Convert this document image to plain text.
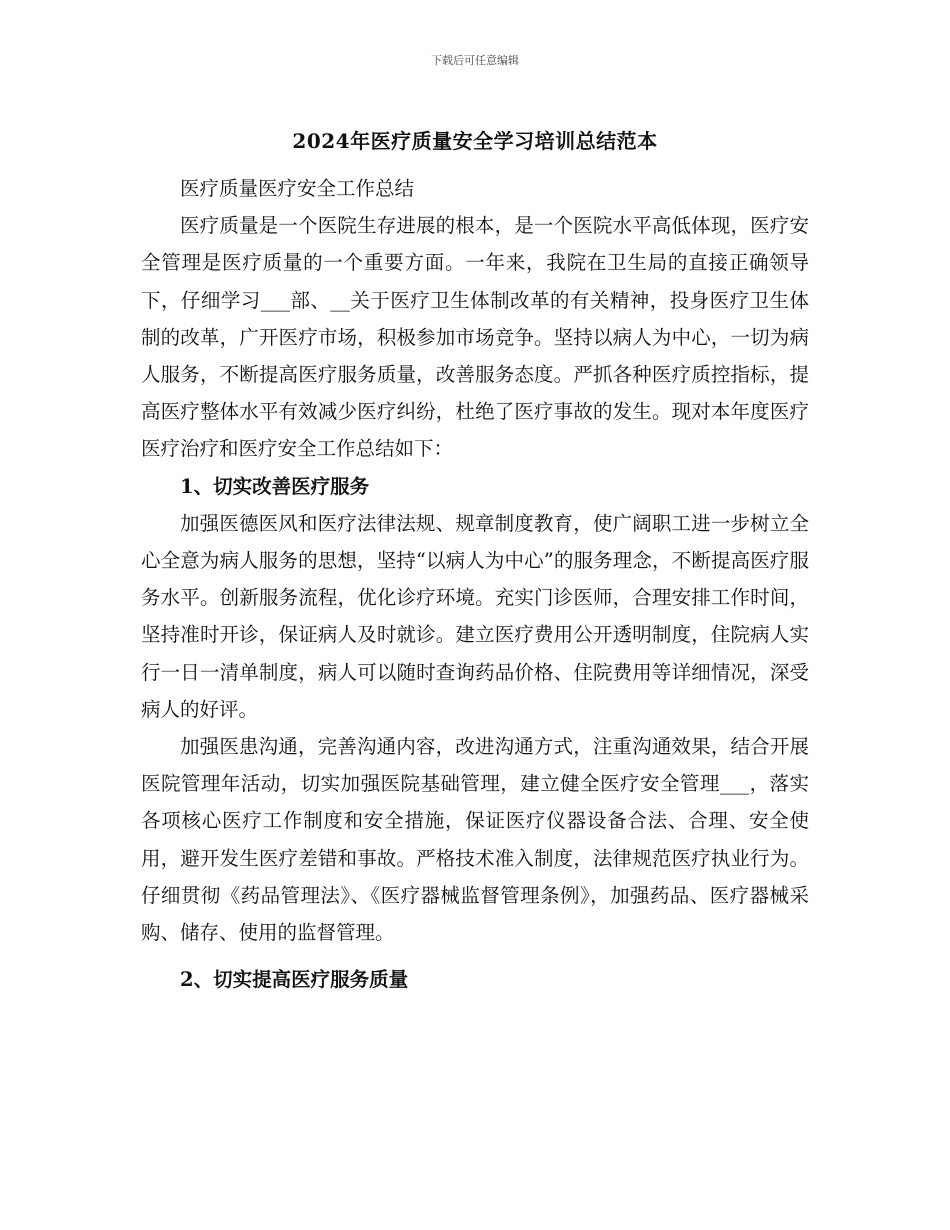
下载后可任意编辑
2024年医疗质量安全学习培训总结范本

医疗质量医疗安全工作总结

医疗质量是一个医院生存进展的根本，是一个医院水平高低体现，医疗安全管理是医疗质量的一个重要方面。一年来，我院在卫生局的直接正确领导下，仔细学习___部、__关于医疗卫生体制改革的有关精神，投身医疗卫生体制的改革，广开医疗市场，积极参加市场竞争。坚持以病人为中心，一切为病人服务，不断提高医疗服务质量，改善服务态度。严抓各种医疗质控指标，提高医疗整体水平有效减少医疗纠纷，杜绝了医疗事故的发生。现对本年度医疗医疗治疗和医疗安全工作总结如下：

1、切实改善医疗服务

加强医德医风和医疗法律法规、规章制度教育，使广阔职工进一步树立全心全意为病人服务的思想，坚持“以病人为中心”的服务理念，不断提高医疗服务水平。创新服务流程，优化诊疗环境。充实门诊医师，合理安排工作时间，坚持准时开诊，保证病人及时就诊。建立医疗费用公开透明制度，住院病人实行一日一清单制度，病人可以随时查询药品价格、住院费用等详细情况，深受病人的好评。

加强医患沟通，完善沟通内容，改进沟通方式，注重沟通效果，结合开展医院管理年活动，切实加强医院基础管理，建立健全医疗安全管理___，落实各项核心医疗工作制度和安全措施，保证医疗仪器设备合法、合理、安全使用，避开发生医疗差错和事故。严格技术准入制度，法律规范医疗执业行为。仔细贯彻《药品管理法》、《医疗器械监督管理条例》，加强药品、医疗器械采购、储存、使用的监督管理。

2、切实提高医疗服务质量
